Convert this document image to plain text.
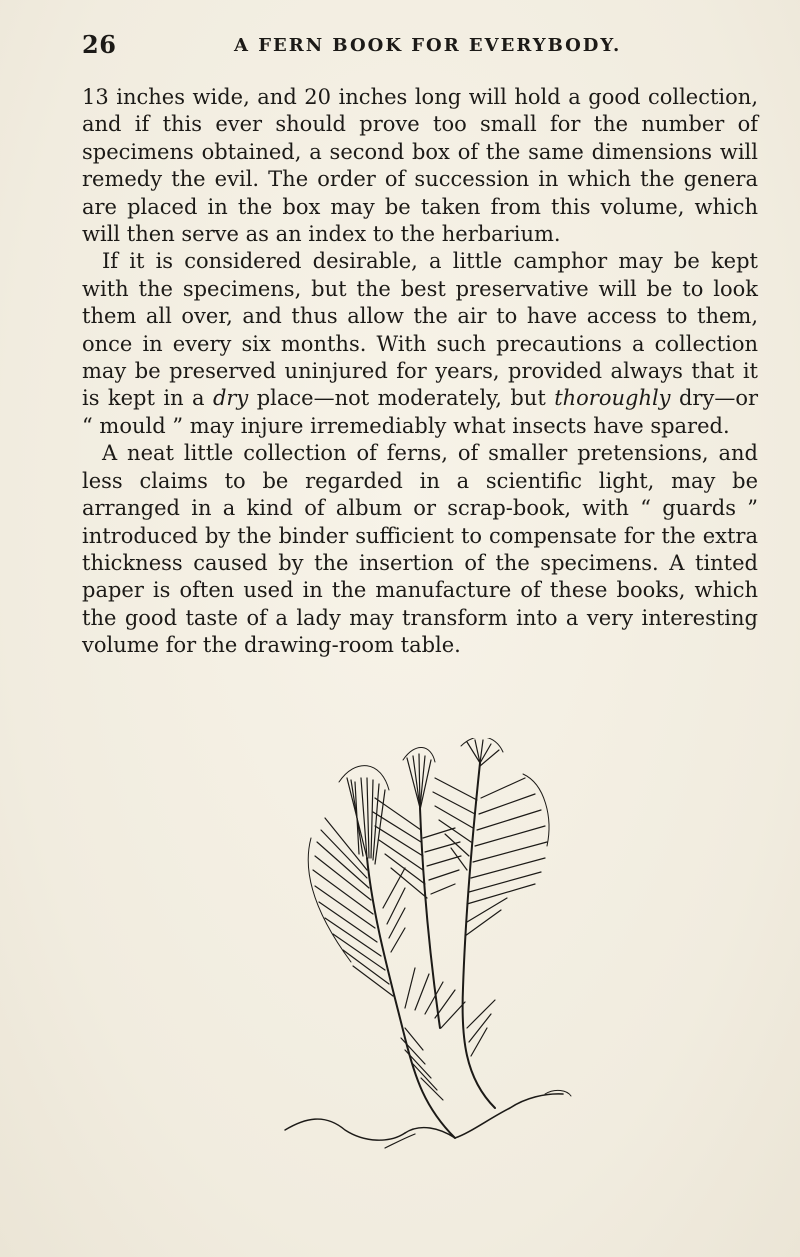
26	A FERN BOOK FOR EVERYBODY.

13 inches wide, and 20 inches long will hold a good collection, and if this ever should prove too small for the number of specimens obtained, a second box of the same dimensions will remedy the evil. The order of succession in which the genera are placed in the box may be taken from this volume, which will then serve as an index to the herbarium.

If it is considered desirable, a little camphor may be kept with the specimens, but the best preservative will be to look them all over, and thus allow the air to have access to them, once in every six months. With such precautions a collection may be preserved uninjured for years, provided always that it is kept in a dry place—not moderately, but thoroughly dry—or “ mould ” may injure irremediably what insects have spared.

A neat little collection of ferns, of smaller pretensions, and less claims to be regarded in a scientific light, may be arranged in a kind of album or scrap-book, with “ guards ” introduced by the binder sufficient to compensate for the extra thickness caused by the insertion of the specimens. A tinted paper is often used in the manufacture of these books, which the good taste of a lady may transform into a very interesting volume for the drawing-room table.
